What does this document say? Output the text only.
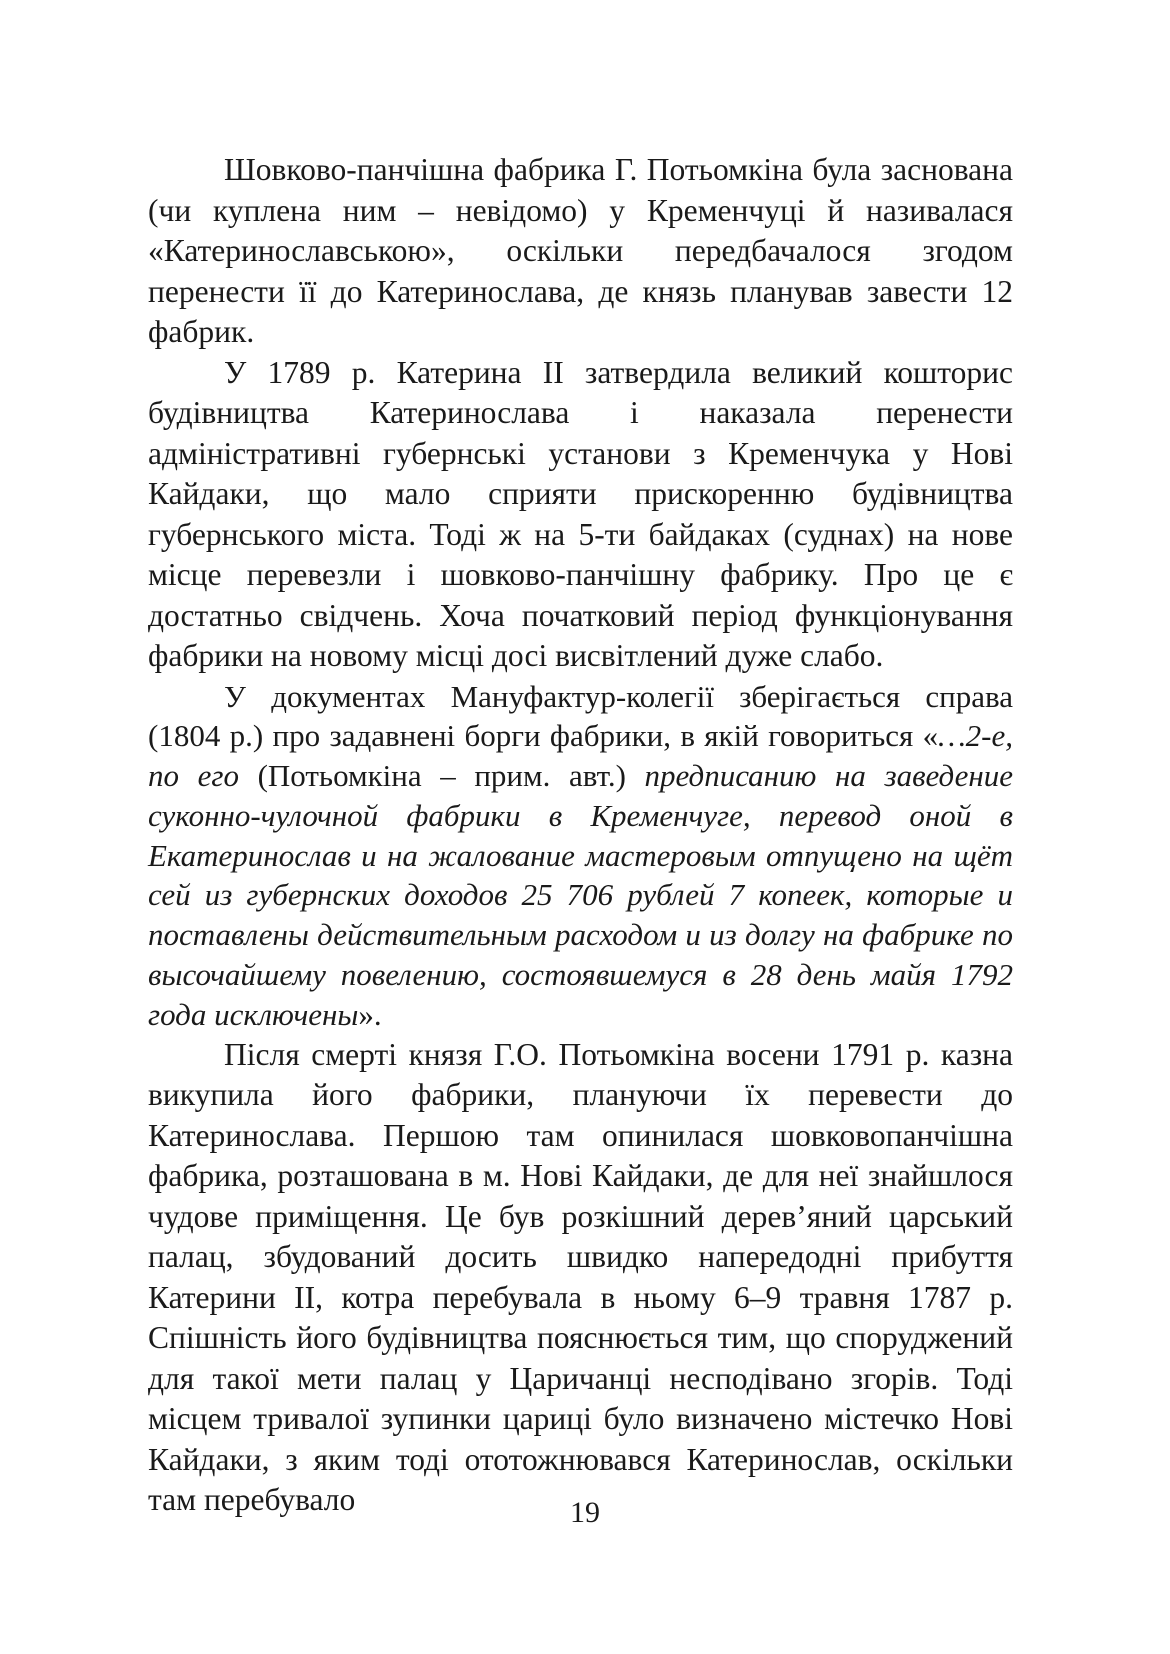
Шовково-панчішна фабрика Г. Потьомкіна була заснована (чи куплена ним – невідомо) у Кременчуці й називалася «Катеринославською», оскільки передбачалося згодом перенести її до Катеринослава, де князь планував завести 12 фабрик.

У 1789 р. Катерина II затвердила великий кошторис будівництва Катеринослава і наказала перенести адміністративні губернські установи з Кременчука у Нові Кайдаки, що мало сприяти прискоренню будівництва губернського міста. Тоді ж на 5-ти байдаках (суднах) на нове місце перевезли і шовково-панчішну фабрику. Про це є достатньо свідчень. Хоча початковий період функціонування фабрики на новому місці досі висвітлений дуже слабо.

У документах Мануфактур-колегії зберігається справа (1804 р.) про задавнені борги фабрики, в якій говориться «…2-е, по его (Потьомкіна – прим. авт.) предписанию на заведение суконно-чулочной фабрики в Кременчуге, перевод оной в Екатеринослав и на жалование мастеровым отпущено на щёт сей из губернских доходов 25 706 рублей 7 копеек, которые и поставлены действительным расходом и из долгу на фабрике по высочайшему повелению, состоявшемуся в 28 день майя 1792 года исключены».

Після смерті князя Г.О. Потьомкіна восени 1791 р. казна викупила його фабрики, плануючи їх перевести до Катеринослава. Першою там опинилася шовковопанчішна фабрика, розташована в м. Нові Кайдаки, де для неї знайшлося чудове приміщення. Це був розкішний дерев’яний царський палац, збудований досить швидко напередодні прибуття Катерини II, котра перебувала в ньому 6–9 травня 1787 р. Спішність його будівництва пояснюється тим, що споруджений для такої мети палац у Царичанці несподівано згорів. Тоді місцем тривалої зупинки цариці було визначено містечко Нові Кайдаки, з яким тоді ототожнювався Катеринослав, оскільки там перебувало	19
